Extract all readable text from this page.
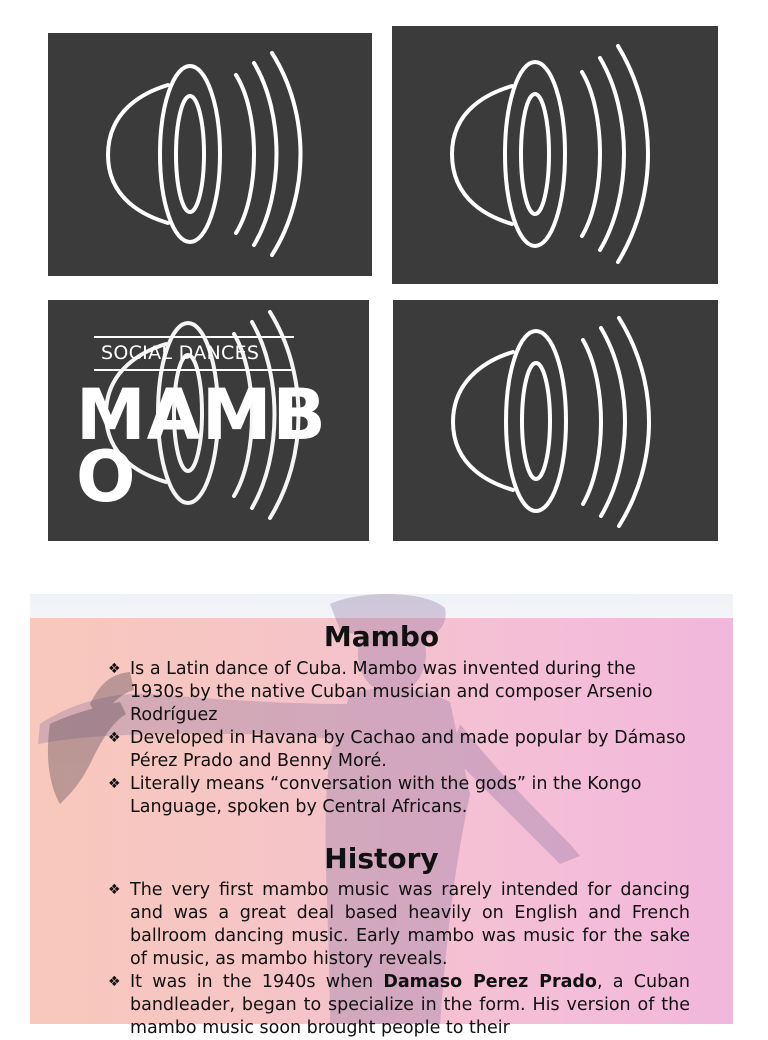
SOCIAL DANCES
MAMBO
Mambo
❖ Is a Latin dance of Cuba. Mambo was invented during the 1930s by the native Cuban musician and composer Arsenio Rodríguez
❖ Developed in Havana by Cachao and made popular by Dámaso Pérez Prado and Benny Moré.
❖ Literally means “conversation with the gods” in the Kongo Language, spoken by Central Africans.
History
❖ The very first mambo music was rarely intended for dancing and was a great deal based heavily on English and French ballroom dancing music. Early mambo was music for the sake of music, as mambo history reveals.
❖ It was in the 1940s when Damaso Perez Prado, a Cuban bandleader, began to specialize in the form. His version of the mambo music soon brought people to their
